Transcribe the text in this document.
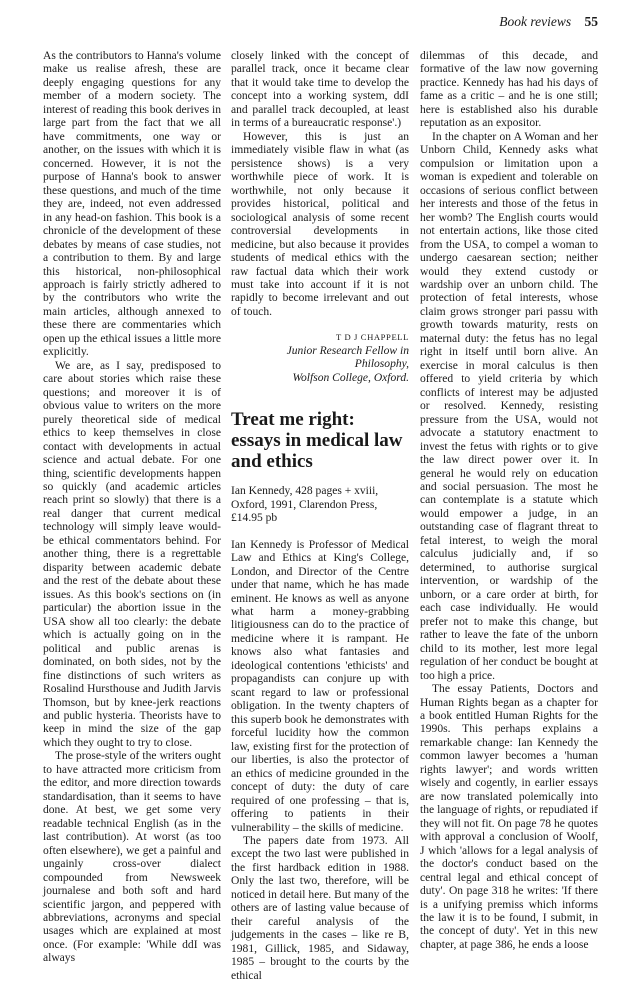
Book reviews 55

As the contributors to Hanna's volume make us realise afresh, these are deeply engaging questions for any member of a modern society. The interest of reading this book derives in large part from the fact that we all have commitments, one way or another, on the issues with which it is concerned. However, it is not the purpose of Hanna's book to answer these questions, and much of the time they are, indeed, not even addressed in any head-on fashion. This book is a chronicle of the development of these debates by means of case studies, not a contribution to them. By and large this historical, non-philosophical approach is fairly strictly adhered to by the contributors who write the main articles, although annexed to these there are commentaries which open up the ethical issues a little more explicitly.

We are, as I say, predisposed to care about stories which raise these questions; and moreover it is of obvious value to writers on the more purely theoretical side of medical ethics to keep themselves in close contact with developments in actual science and actual debate. For one thing, scientific developments happen so quickly (and academic articles reach print so slowly) that there is a real danger that current medical technology will simply leave would-be ethical commentators behind. For another thing, there is a regrettable disparity between academic debate and the rest of the debate about these issues. As this book's sections on (in particular) the abortion issue in the USA show all too clearly: the debate which is actually going on in the political and public arenas is dominated, on both sides, not by the fine distinctions of such writers as Rosalind Hursthouse and Judith Jarvis Thomson, but by knee-jerk reactions and public hysteria. Theorists have to keep in mind the size of the gap which they ought to try to close.

The prose-style of the writers ought to have attracted more criticism from the editor, and more direction towards standardisation, than it seems to have done. At best, we get some very readable technical English (as in the last contribution). At worst (as too often elsewhere), we get a painful and ungainly cross-over dialect compounded from Newsweek journalese and both soft and hard scientific jargon, and peppered with abbreviations, acronyms and special usages which are explained at most once. (For example: 'While ddI was always

closely linked with the concept of parallel track, once it became clear that it would take time to develop the concept into a working system, ddI and parallel track decoupled, at least in terms of a bureaucratic response'.)

However, this is just an immediately visible flaw in what (as persistence shows) is a very worthwhile piece of work. It is worthwhile, not only because it provides historical, political and sociological analysis of some recent controversial developments in medicine, but also because it provides students of medical ethics with the raw factual data which their work must take into account if it is not rapidly to become irrelevant and out of touch.

T D J CHAPPELL
Junior Research Fellow in Philosophy,
Wolfson College, Oxford.
Treat me right: essays in medical law and ethics

Ian Kennedy, 428 pages + xviii,

Oxford, 1991, Clarendon Press,

£14.95 pb

Ian Kennedy is Professor of Medical Law and Ethics at King's College, London, and Director of the Centre under that name, which he has made eminent. He knows as well as anyone what harm a money-grabbing litigiousness can do to the practice of medicine where it is rampant. He knows also what fantasies and ideological contentions 'ethicists' and propagandists can conjure up with scant regard to law or professional obligation. In the twenty chapters of this superb book he demonstrates with forceful lucidity how the common law, existing first for the protection of our liberties, is also the protector of an ethics of medicine grounded in the concept of duty: the duty of care required of one professing – that is, offering to patients in their vulnerability – the skills of medicine.

The papers date from 1973. All except the two last were published in the first hardback edition in 1988. Only the last two, therefore, will be noticed in detail here. But many of the others are of lasting value because of their careful analysis of the judgements in the cases – like re B, 1981, Gillick, 1985, and Sidaway, 1985 – brought to the courts by the ethical

dilemmas of this decade, and formative of the law now governing practice. Kennedy has had his days of fame as a critic – and he is one still; here is established also his durable reputation as an expositor.

In the chapter on A Woman and her Unborn Child, Kennedy asks what compulsion or limitation upon a woman is expedient and tolerable on occasions of serious conflict between her interests and those of the fetus in her womb? The English courts would not entertain actions, like those cited from the USA, to compel a woman to undergo caesarean section; neither would they extend custody or wardship over an unborn child. The protection of fetal interests, whose claim grows stronger pari passu with growth towards maturity, rests on maternal duty: the fetus has no legal right in itself until born alive. An exercise in moral calculus is then offered to yield criteria by which conflicts of interest may be adjusted or resolved. Kennedy, resisting pressure from the USA, would not advocate a statutory enactment to invest the fetus with rights or to give the law direct power over it. In general he would rely on education and social persuasion. The most he can contemplate is a statute which would empower a judge, in an outstanding case of flagrant threat to fetal interest, to weigh the moral calculus judicially and, if so determined, to authorise surgical intervention, or wardship of the unborn, or a care order at birth, for each case individually. He would prefer not to make this change, but rather to leave the fate of the unborn child to its mother, lest more legal regulation of her conduct be bought at too high a price.

The essay Patients, Doctors and Human Rights began as a chapter for a book entitled Human Rights for the 1990s. This perhaps explains a remarkable change: Ian Kennedy the common lawyer becomes a 'human rights lawyer'; and words written wisely and cogently, in earlier essays are now translated polemically into the language of rights, or repudiated if they will not fit. On page 78 he quotes with approval a conclusion of Woolf, J which 'allows for a legal analysis of the doctor's conduct based on the central legal and ethical concept of duty'. On page 318 he writes: 'If there is a unifying premiss which informs the law it is to be found, I submit, in the concept of duty'. Yet in this new chapter, at page 386, he ends a loose
